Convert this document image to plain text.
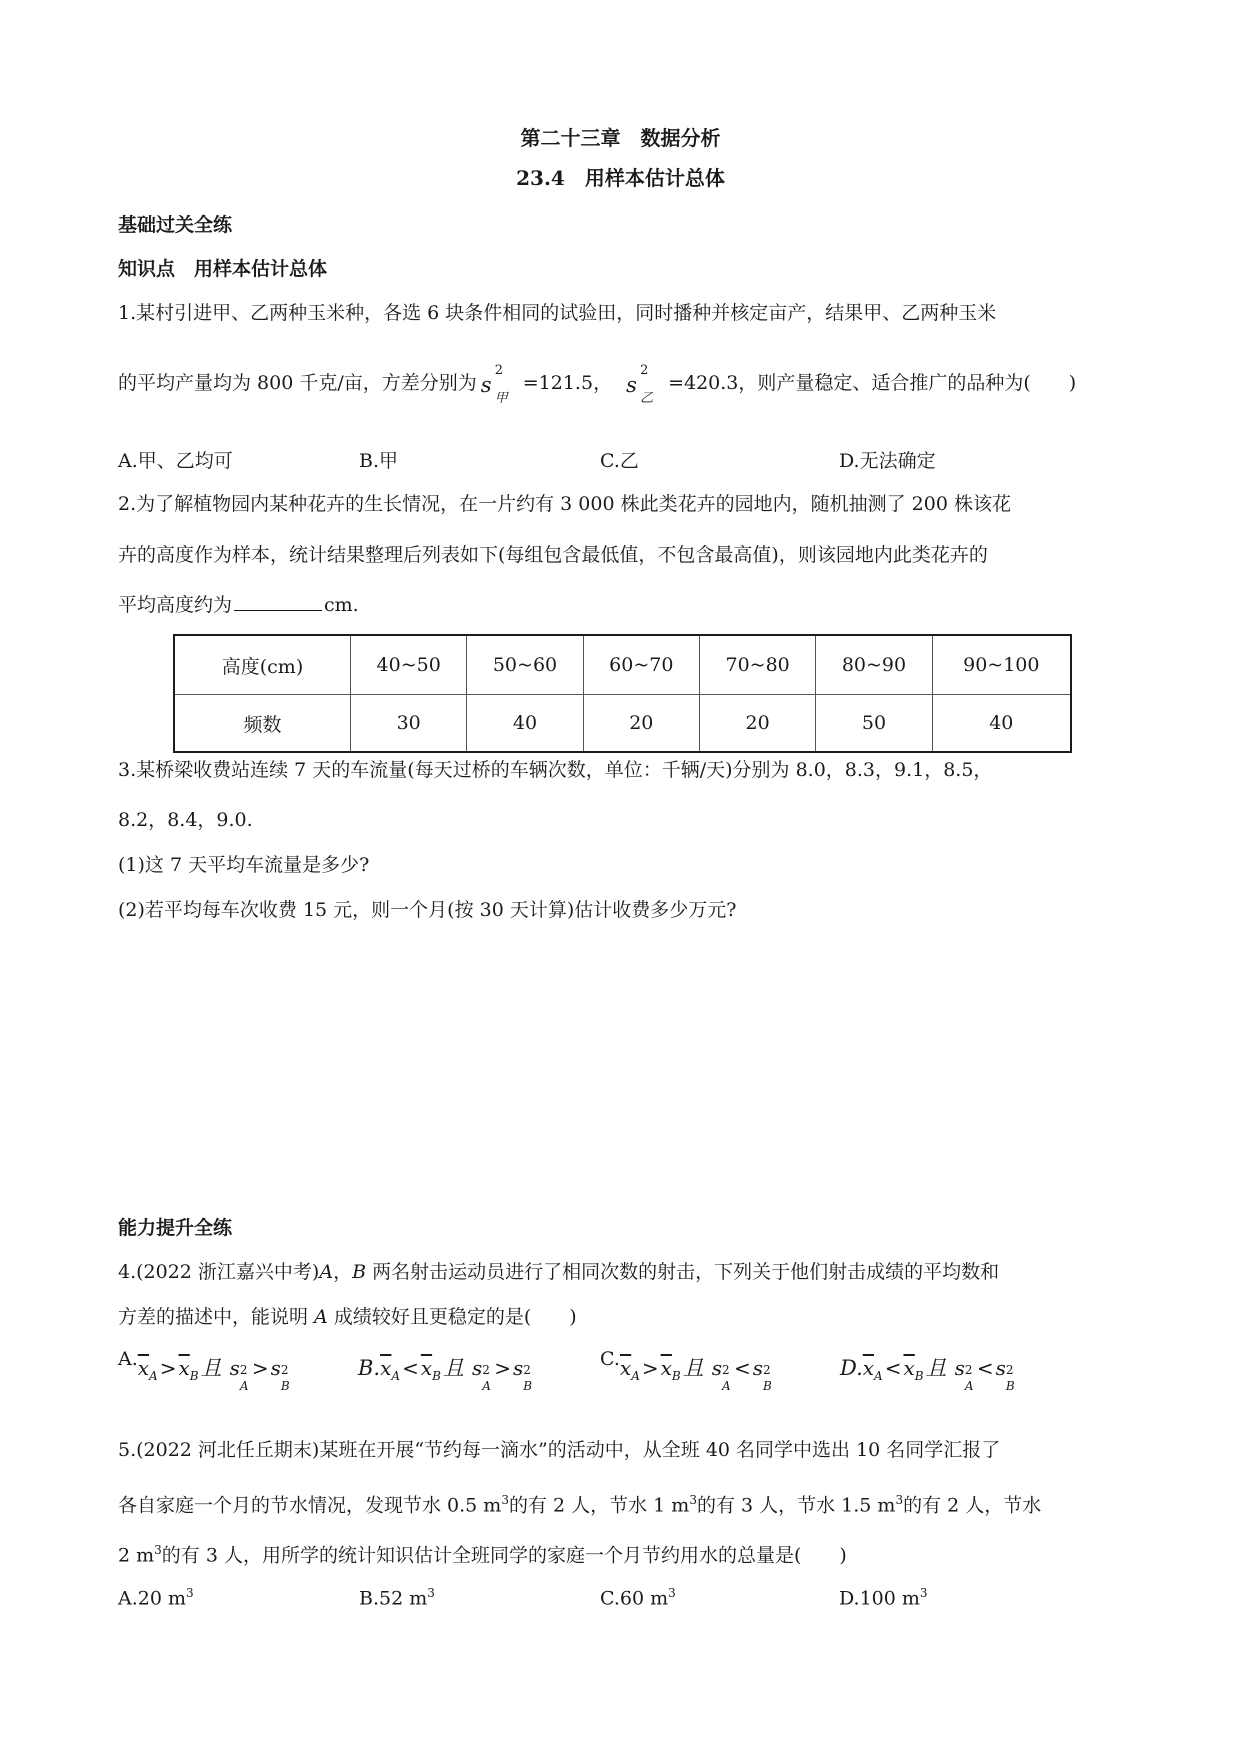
第二十三章　数据分析
23.4　用样本估计总体
基础过关全练
知识点　用样本估计总体
1.某村引进甲、乙两种玉米种，各选 6 块条件相同的试验田，同时播种并核定亩产，结果甲、乙两种玉米
的平均产量均为 800 千克/亩，方差分别为 s
2
甲
=121.5， s
2
乙
=420.3，则产量稳定、适合推广的品种为(　　)
A.甲、乙均可	B.甲	C.乙	D.无法确定
2.为了解植物园内某种花卉的生长情况，在一片约有 3 000 株此类花卉的园地内，随机抽测了 200 株该花
卉的高度作为样本，统计结果整理后列表如下(每组包含最低值，不包含最高值)，则该园地内此类花卉的
平均高度约为	cm.
高度(cm)	40~50	50~60	60~70	70~80	80~90	90~100
频数	30	40	20	20	50	40
3.某桥梁收费站连续 7 天的车流量(每天过桥的车辆次数，单位：千辆/天)分别为 8.0，8.3，9.1，8.5，
8.2，8.4，9.0.
(1)这 7 天平均车流量是多少?
(2)若平均每车次收费 15 元，则一个月(按 30 天计算)估计收费多少万元?
能力提升全练
4.(2022 浙江嘉兴中考)A，B 两名射击运动员进行了相同次数的射击，下列关于他们射击成绩的平均数和
方差的描述中，能说明 A 成绩较好且更稳定的是(　　)
$A.\overline{x}_A > \overline{x}_B$且 s 2
A
> s 2
B
$B.\overline{x}_A < \overline{x}_B$且 s 2
A
> s 2
B
$C.\overline{x}_A > \overline{x}_B$且 s 2
A
< s 2
B
$D.\overline{x}_A < \overline{x}_B$且 s 2
A
< s 2
B
5.(2022 河北任丘期末)某班在开展“节约每一滴水”的活动中，从全班 40 名同学中选出 10 名同学汇报了
各自家庭一个月的节水情况，发现节水 0.5 $m^3$的有 2 人，节水 1 $m^3$的有 3 人，节水 1.5 $m^3$的有 2 人，节水
2 $m^3$的有 3 人，用所学的统计知识估计全班同学的家庭一个月节约用水的总量是(　　)
A.20 $m^3$	B.52 $m^3$	C.60 $m^3$	D.100 $m^3$
